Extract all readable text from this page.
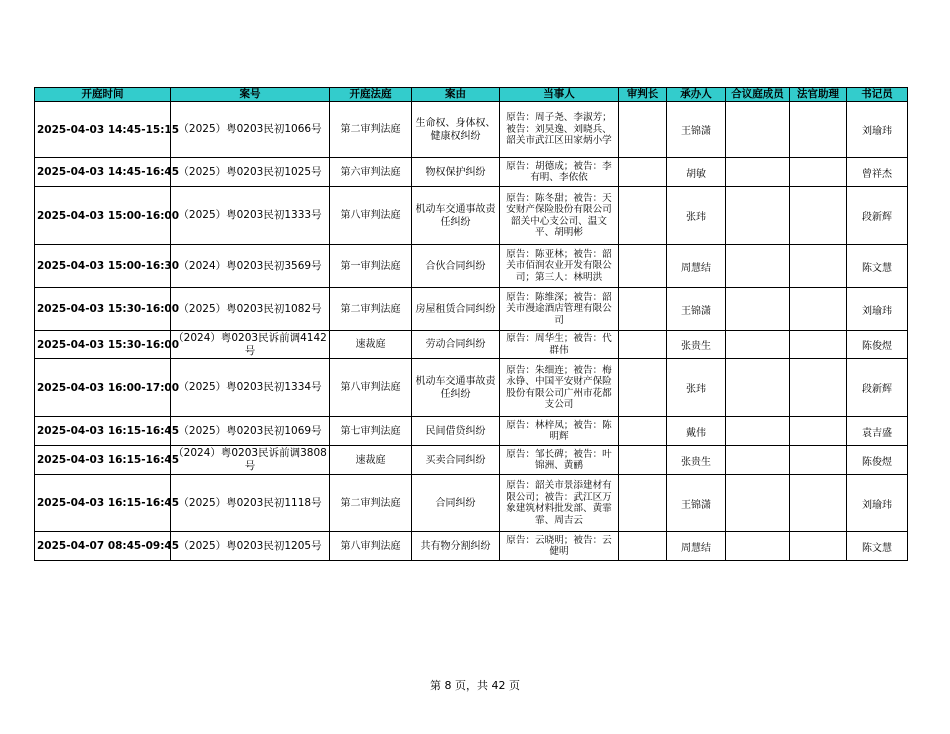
开庭时间	案号	开庭法庭	案由	当事人	审判长	承办人	合议庭成员	法官助理	书记员
2025-04-03 14:45-15:15	（2025）粤0203民初1066号	第二审判法庭	生命权、身体权、健康权纠纷	原告：周子尧、李淑芳；被告：刘昊逸、刘晓兵、韶关市武江区田家炳小学		王锦潇			刘瑜玮
2025-04-03 14:45-16:45	（2025）粤0203民初1025号	第六审判法庭	物权保护纠纷	原告：胡德成；被告：李有明、李依依		胡敏			曾祥杰
2025-04-03 15:00-16:00	（2025）粤0203民初1333号	第八审判法庭	机动车交通事故责任纠纷	原告：陈冬甜；被告：天安财产保险股份有限公司韶关中心支公司、温文平、胡明彬		张玮			段新辉
2025-04-03 15:00-16:30	（2024）粤0203民初3569号	第一审判法庭	合伙合同纠纷	原告：陈亚林；被告：韶关市佰润农业开发有限公司；第三人：林明洪		周慧结			陈文慧
2025-04-03 15:30-16:00	（2025）粤0203民初1082号	第二审判法庭	房屋租赁合同纠纷	原告：陈维深；被告：韶关市漫途酒店管理有限公司		王锦潇			刘瑜玮
2025-04-03 15:30-16:00	（2024）粤0203民诉前调4142号	速裁庭	劳动合同纠纷	原告：周华生；被告：代群伟		张贵生			陈俊煜
2025-04-03 16:00-17:00	（2025）粤0203民初1334号	第八审判法庭	机动车交通事故责任纠纷	原告：朱细连；被告：梅永铮、中国平安财产保险股份有限公司广州市花都支公司		张玮			段新辉
2025-04-03 16:15-16:45	（2025）粤0203民初1069号	第七审判法庭	民间借贷纠纷	原告：林梓凤；被告：陈明辉		戴伟			袁吉盛
2025-04-03 16:15-16:45	（2024）粤0203民诉前调3808号	速裁庭	买卖合同纠纷	原告：邹长碑；被告：叶锦洲、黄鹂		张贵生			陈俊煜
2025-04-03 16:15-16:45	（2025）粤0203民初1118号	第二审判法庭	合同纠纷	原告：韶关市景添建材有限公司；被告：武江区万象建筑材料批发部、黄霏霏、周吉云		王锦潇			刘瑜玮
2025-04-07 08:45-09:45	（2025）粤0203民初1205号	第八审判法庭	共有物分割纠纷	原告：云晓明；被告：云健明		周慧结			陈文慧
第 8 页，共 42 页
